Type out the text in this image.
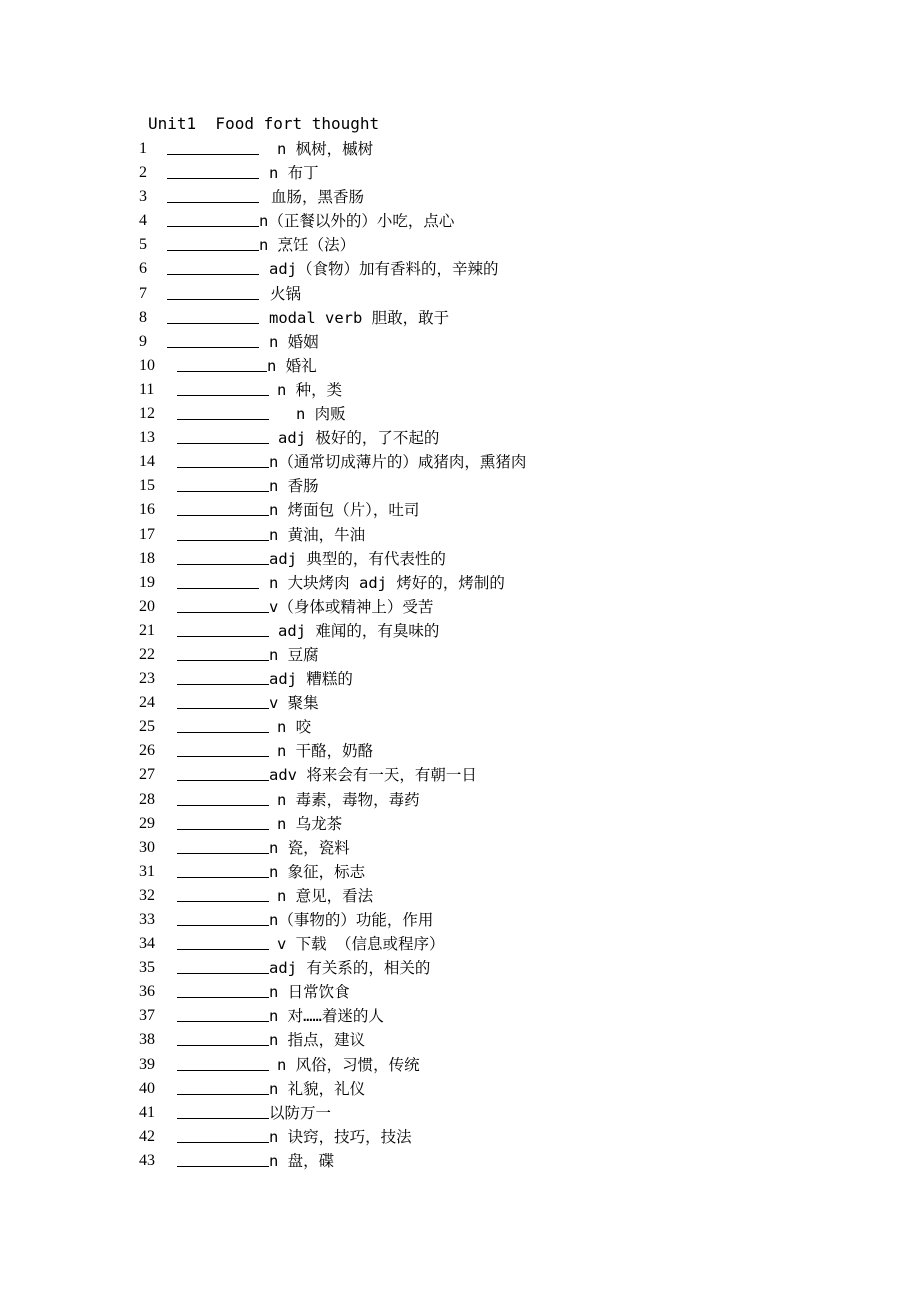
Unit1  Food fort thought
1	n 枫树，槭树
2	n 布丁
3	血肠，黑香肠
4	n（正餐以外的）小吃，点心
5	n 烹饪（法）
6	adj（食物）加有香料的，辛辣的
7	火锅
8	modal verb 胆敢，敢于
9	n 婚姻
10	n 婚礼
11	n 种，类
12	n 肉贩
13	adj 极好的，了不起的
14	n（通常切成薄片的）咸猪肉，熏猪肉
15	n 香肠
16	n 烤面包（片），吐司
17	n 黄油，牛油
18	adj 典型的，有代表性的
19	n 大块烤肉 adj 烤好的，烤制的
20	v（身体或精神上）受苦
21	adj 难闻的，有臭味的
22	n 豆腐
23	adj 糟糕的
24	v 聚集
25	n 咬
26	n 干酪，奶酪
27	adv 将来会有一天，有朝一日
28	n 毒素，毒物，毒药
29	n 乌龙茶
30	n 瓷，瓷料
31	n 象征，标志
32	n 意见，看法
33	n（事物的）功能，作用
34	v 下载 （信息或程序）
35	adj 有关系的，相关的
36	n 日常饮食
37	n 对……着迷的人
38	n 指点，建议
39	n 风俗，习惯，传统
40	n 礼貌，礼仪
41	以防万一
42	n 诀窍，技巧，技法
43	n 盘，碟
